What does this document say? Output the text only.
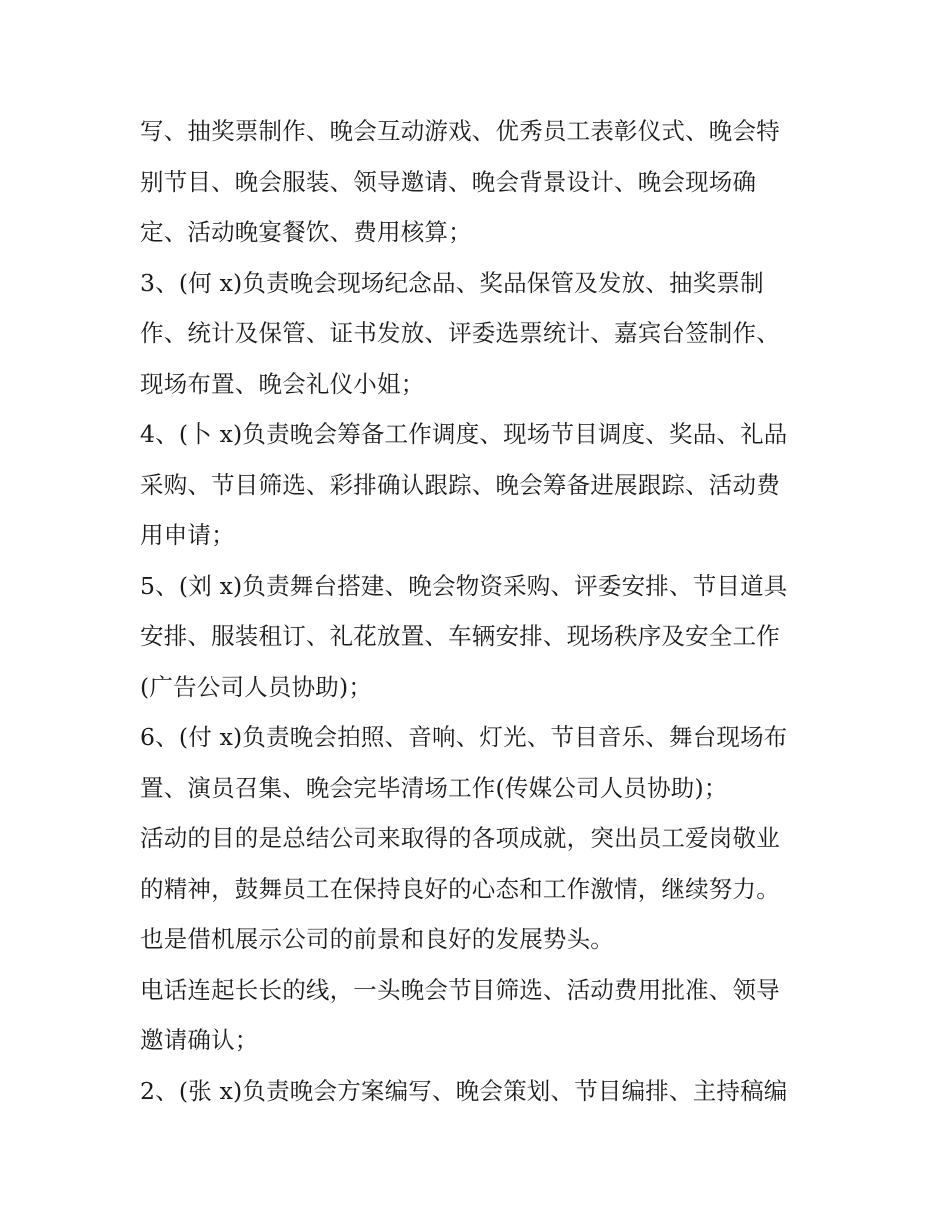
写、抽奖票制作、晚会互动游戏、优秀员工表彰仪式、晚会特
别节目、晚会服装、领导邀请、晚会背景设计、晚会现场确
定、活动晚宴餐饮、费用核算；
3、(何 x)负责晚会现场纪念品、奖品保管及发放、抽奖票制
作、统计及保管、证书发放、评委选票统计、嘉宾台签制作、
现场布置、晚会礼仪小姐；
4、(卜 x)负责晚会筹备工作调度、现场节目调度、奖品、礼品
采购、节目筛选、彩排确认跟踪、晚会筹备进展跟踪、活动费
用申请；
5、(刘 x)负责舞台搭建、晚会物资采购、评委安排、节目道具
安排、服装租订、礼花放置、车辆安排、现场秩序及安全工作
(广告公司人员协助)；
6、(付 x)负责晚会拍照、音响、灯光、节目音乐、舞台现场布
置、演员召集、晚会完毕清场工作(传媒公司人员协助)；
活动的目的是总结公司来取得的各项成就，突出员工爱岗敬业
的精神，鼓舞员工在保持良好的心态和工作激情，继续努力。
也是借机展示公司的前景和良好的发展势头。
电话连起长长的线，一头晚会节目筛选、活动费用批准、领导
邀请确认；
2、(张 x)负责晚会方案编写、晚会策划、节目编排、主持稿编
